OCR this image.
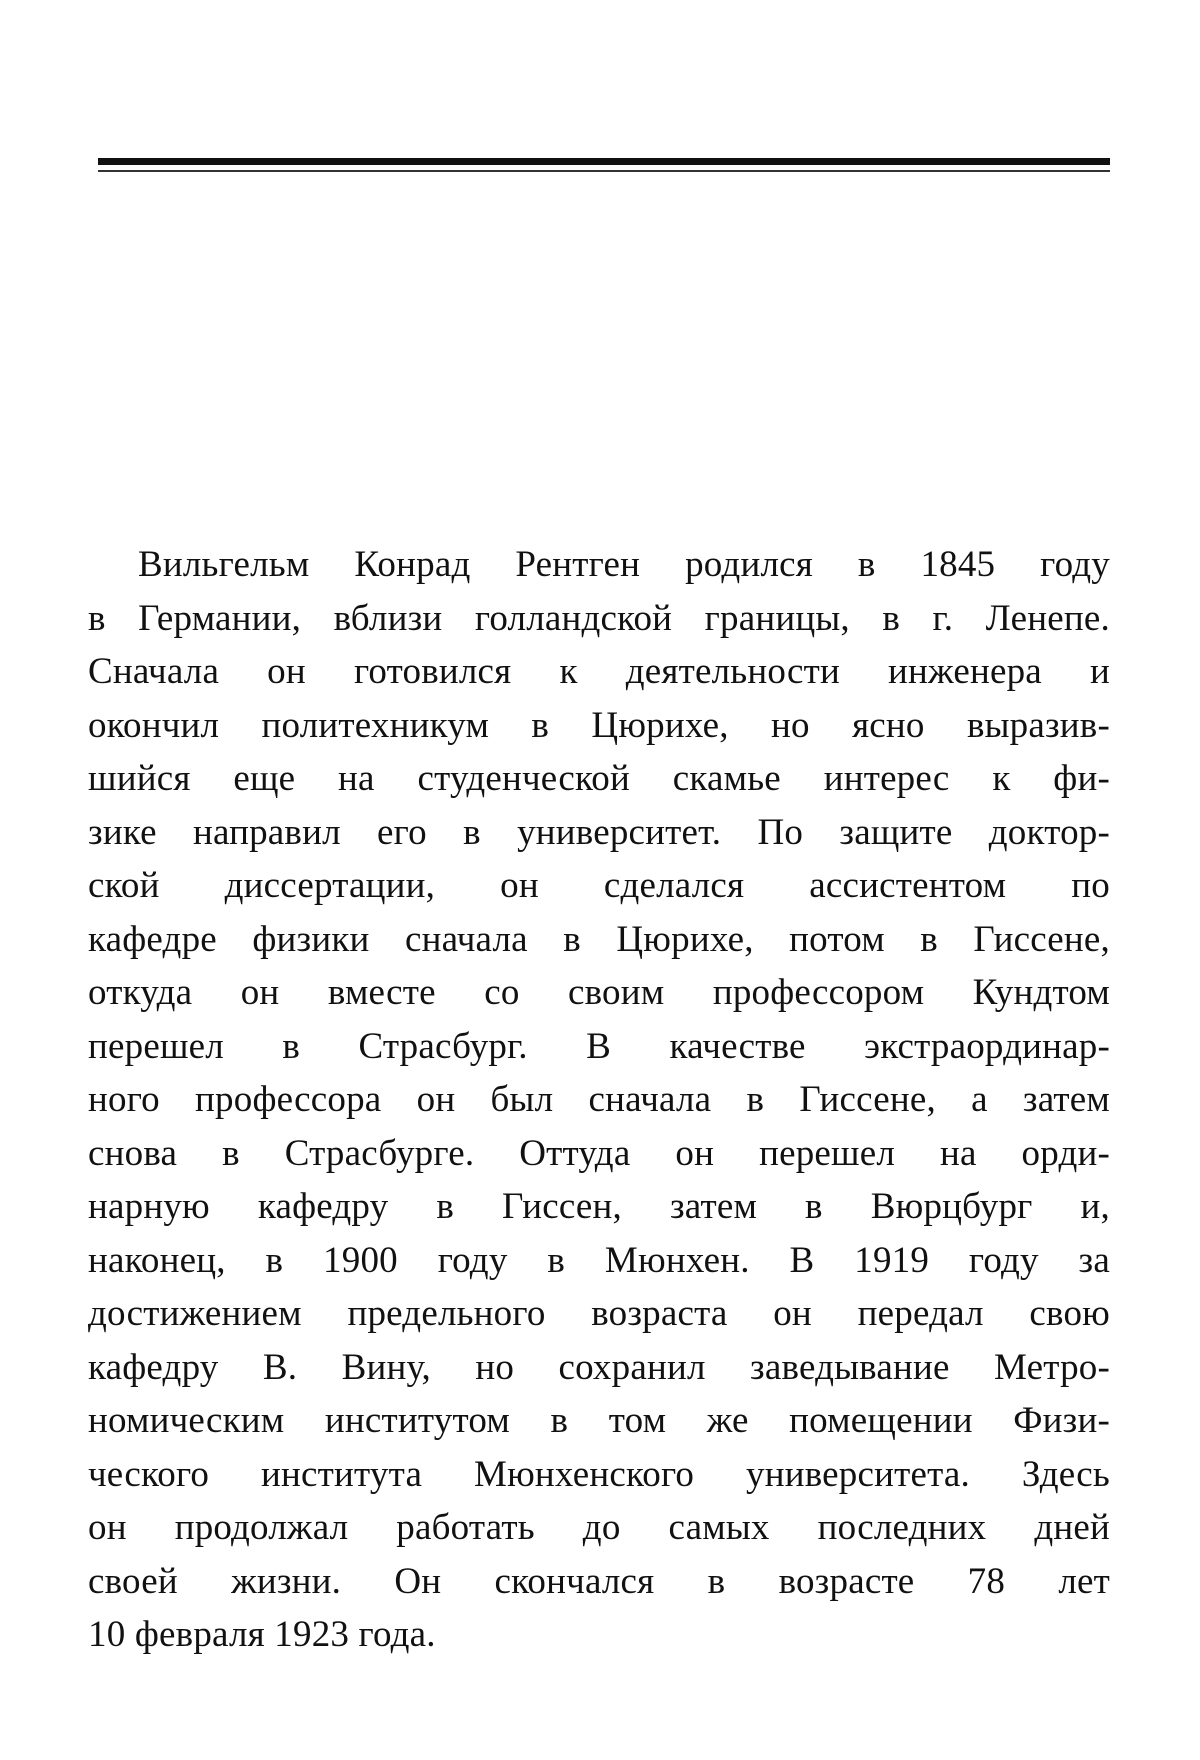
Вильгельм Конрад Рентген родился в 1845 году
в Германии, вблизи голландской границы, в г. Ленепе.
Сначала он готовился к деятельности инженера и
окончил политехникум в Цюрихе, но ясно выразив-
шийся еще на студенческой скамье интерес к фи-
зике направил его в университет. По защите доктор-
ской диссертации, он сделался ассистентом по
кафедре физики сначала в Цюрихе, потом в Гиссене,
откуда он вместе со своим профессором Кундтом
перешел в Страсбург. В качестве экстраординар-
ного профессора он был сначала в Гиссене, а затем
снова в Страсбурге. Оттуда он перешел на орди-
нарную кафедру в Гиссен, затем в Вюрцбург и,
наконец, в 1900 году в Мюнхен. В 1919 году за
достижением предельного возраста он передал свою
кафедру В. Вину, но сохранил заведывание Метро-
номическим институтом в том же помещении Физи-
ческого института Мюнхенского университета. Здесь
он продолжал работать до самых последних дней
своей жизни. Он скончался в возрасте 78 лет
10 февраля 1923 года.
